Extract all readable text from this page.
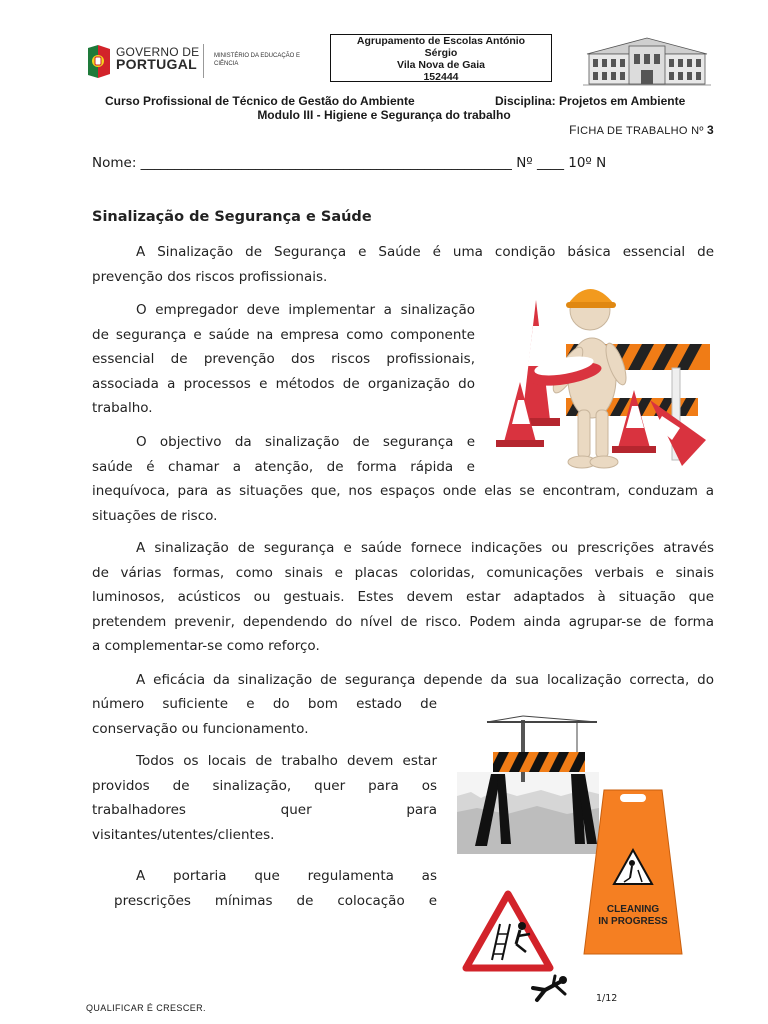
GOVERNO DE
PORTUGAL	MINISTÉRIO DA EDUCAÇÃO E CIÊNCIA
Agrupamento de Escolas António
Sérgio
Vila Nova de Gaia
152444
Curso Profissional de Técnico de Gestão do Ambiente	Disciplina: Projetos em Ambiente
Modulo III - Higiene e Segurança do trabalho
FICHA DE TRABALHO Nº 3
Nome: _______________________________________________________ Nº ____ 10º N
Sinalização de Segurança e Saúde
A Sinalização de Segurança e Saúde é uma condição básica essencial de
prevenção dos riscos profissionais.
O empregador deve implementar a sinalização
de segurança e saúde na empresa como componente
essencial de prevenção dos riscos profissionais,
associada a processos e métodos de organização do
trabalho.
O objectivo da sinalização de segurança e
saúde é chamar a atenção, de forma rápida e
inequívoca, para as situações que, nos espaços onde elas se encontram, conduzam a
situações de risco.
A sinalização de segurança e saúde fornece indicações ou prescrições através
de várias formas, como sinais e placas coloridas, comunicações verbais e sinais
luminosos, acústicos ou gestuais. Estes devem estar adaptados à situação que
pretendem prevenir, dependendo do nível de risco. Podem ainda agrupar-se de forma
a complementar-se como reforço.
A eficácia da sinalização de segurança depende da sua localização correcta, do
número suficiente e do bom estado de
conservação ou funcionamento.
Todos os locais de trabalho devem estar
providos de sinalização, quer para os
trabalhadores quer para
visitantes/utentes/clientes.
A portaria que regulamenta as
prescrições mínimas de colocação e
CLEANING
IN PROGRESS
QUALIFICAR É CRESCER.
1/12
